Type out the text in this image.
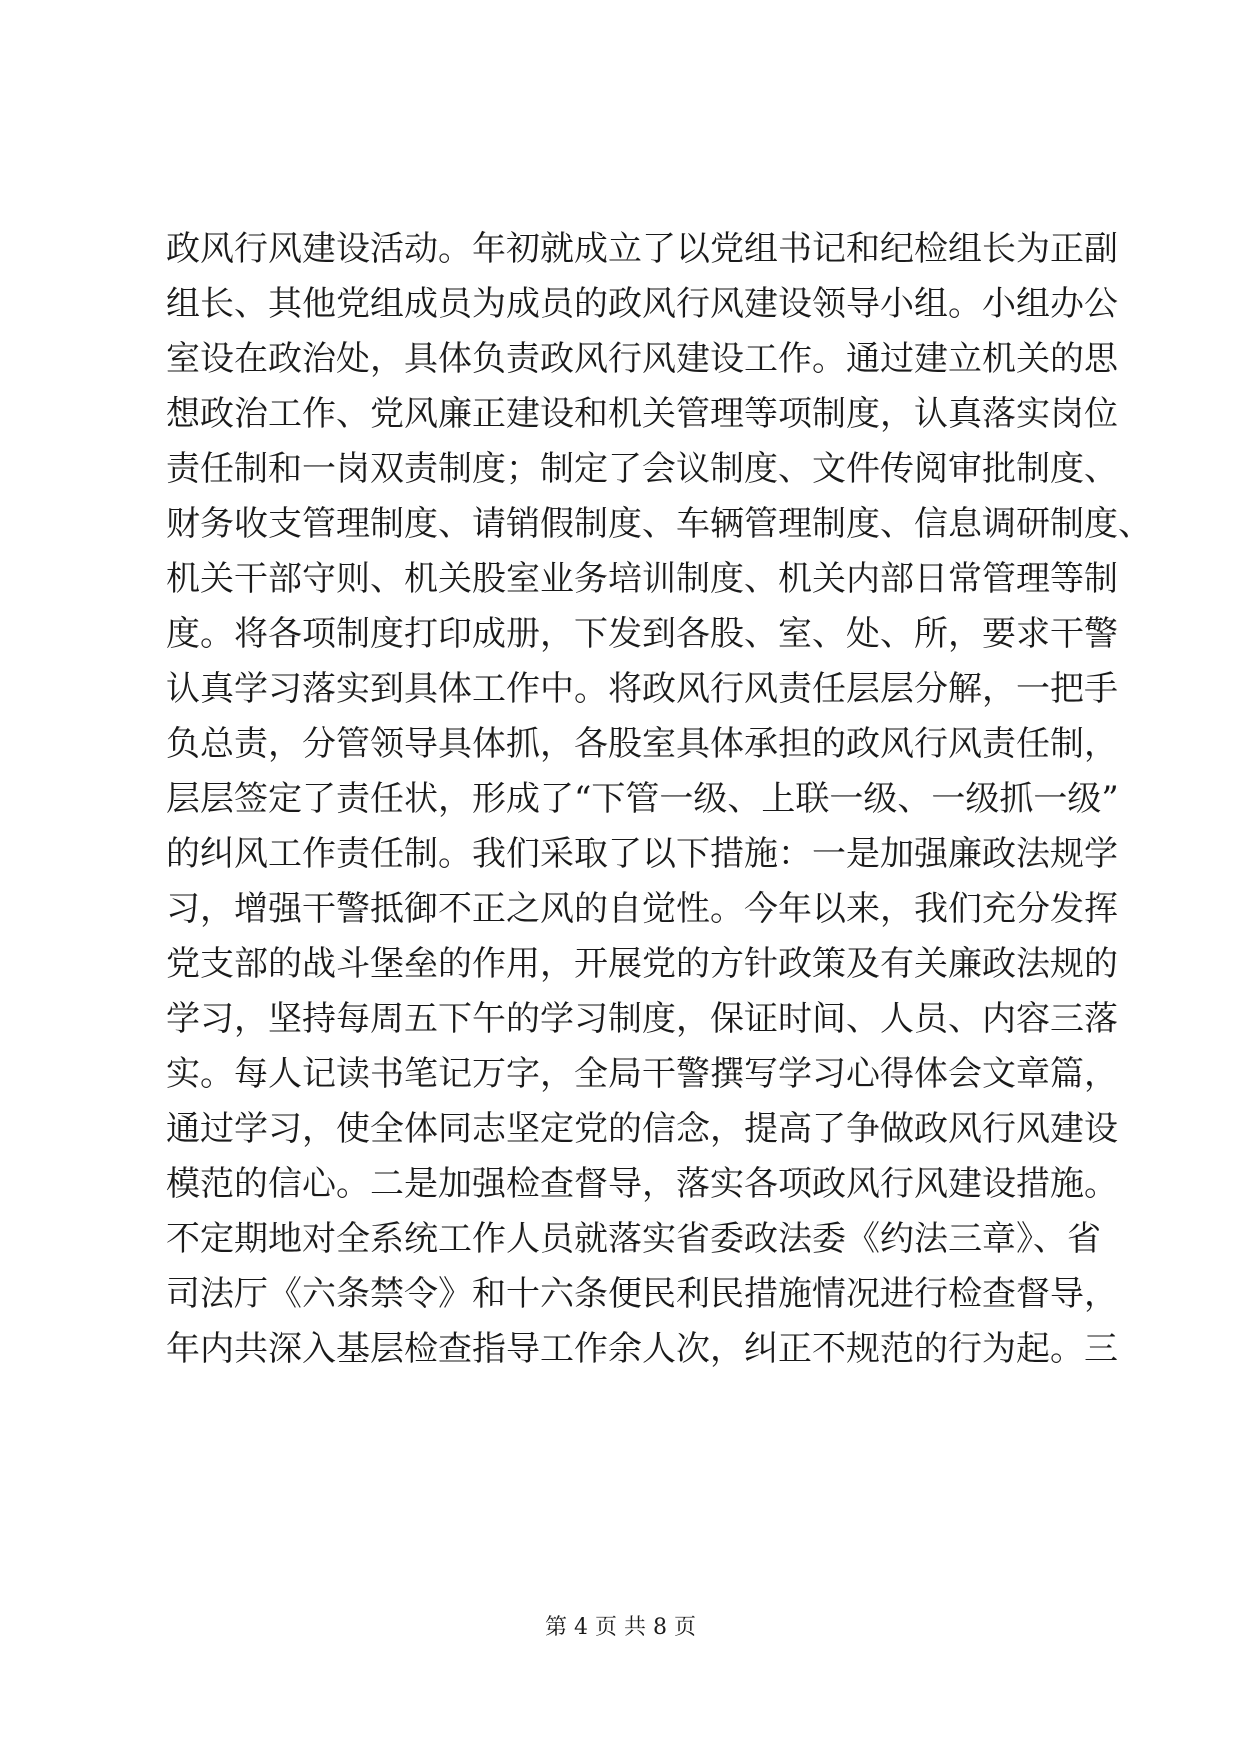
政风行风建设活动。年初就成立了以党组书记和纪检组长为正副
组长、其他党组成员为成员的政风行风建设领导小组。小组办公
室设在政治处，具体负责政风行风建设工作。通过建立机关的思
想政治工作、党风廉正建设和机关管理等项制度，认真落实岗位
责任制和一岗双责制度；制定了会议制度、文件传阅审批制度、
财务收支管理制度、请销假制度、车辆管理制度、信息调研制度、
机关干部守则、机关股室业务培训制度、机关内部日常管理等制
度。将各项制度打印成册，下发到各股、室、处、所，要求干警
认真学习落实到具体工作中。将政风行风责任层层分解，一把手
负总责，分管领导具体抓，各股室具体承担的政风行风责任制，
层层签定了责任状，形成了“下管一级、上联一级、一级抓一级”
的纠风工作责任制。我们采取了以下措施：一是加强廉政法规学
习，增强干警抵御不正之风的自觉性。今年以来，我们充分发挥
党支部的战斗堡垒的作用，开展党的方针政策及有关廉政法规的
学习，坚持每周五下午的学习制度，保证时间、人员、内容三落
实。每人记读书笔记万字，全局干警撰写学习心得体会文章篇，
通过学习，使全体同志坚定党的信念，提高了争做政风行风建设
模范的信心。二是加强检查督导，落实各项政风行风建设措施。
不定期地对全系统工作人员就落实省委政法委《约法三章》、省
司法厅《六条禁令》和十六条便民利民措施情况进行检查督导，
年内共深入基层检查指导工作余人次，纠正不规范的行为起。三
第 4 页 共 8 页
